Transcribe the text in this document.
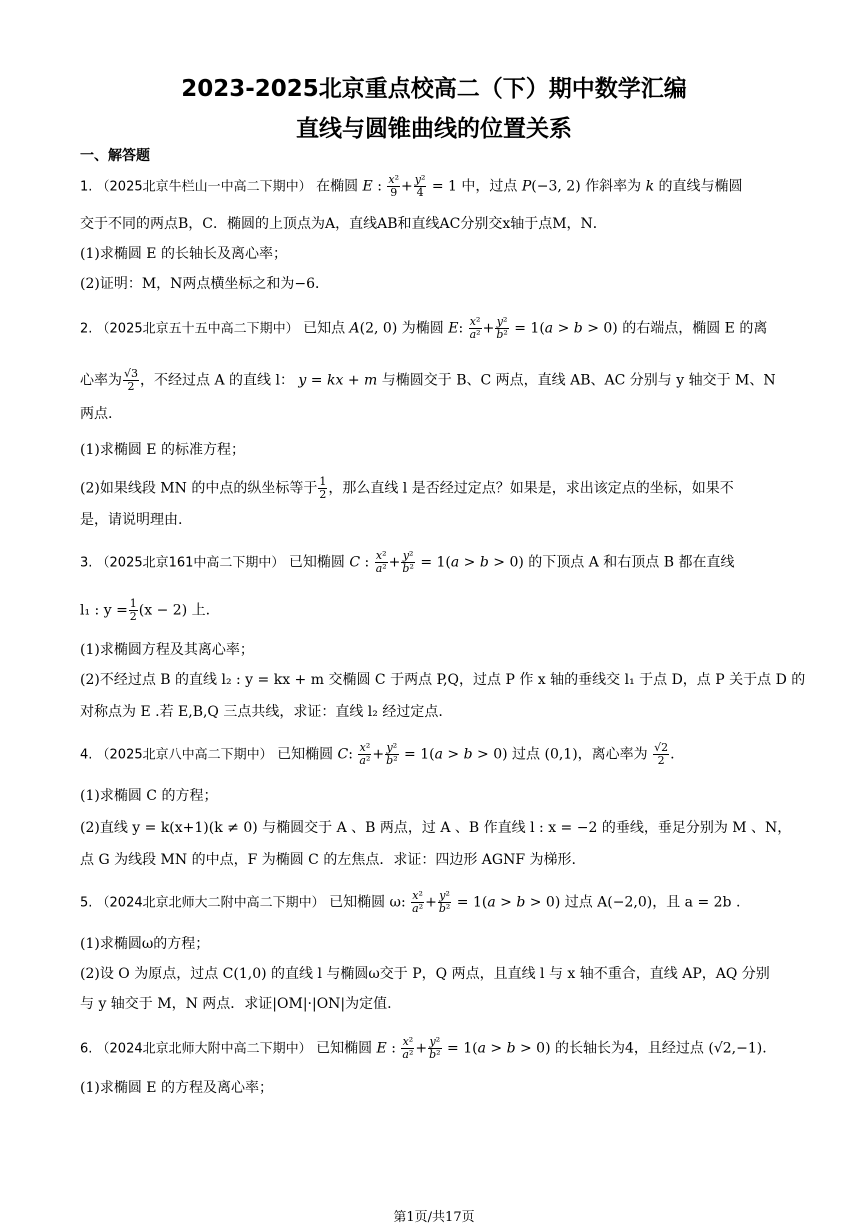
2023-2025北京重点校高二（下）期中数学汇编
直线与圆锥曲线的位置关系
一、解答题
1. （2025北京牛栏山一中高二下期中） 在椭圆 E : $\frac{\text{x²}}{9} + \frac{\text{y²}}{4} = 1$ 中，过点 P(−3, 2) 作斜率为 k 的直线与椭圆
交于不同的两点B，C．椭圆的上顶点为A，直线AB和直线AC分别交x轴于点M，N．
(1)求椭圆 E 的长轴长及离心率；
(2)证明：M，N两点横坐标之和为−6．
2. （2025北京五十五中高二下期中） 已知点 A(2, 0) 为椭圆 E: $\frac{\text{x²}}{\text{a²}} + \frac{\text{y²}}{\text{b²}} = 1(a > b > 0)$ 的右端点，椭圆 E 的离
心率为 $\frac{√3}{2}$ ，不经过点 A 的直线 l： y = kx + m 与椭圆交于 B、C 两点，直线 AB、AC 分别与 y 轴交于 M、N
两点.
(1)求椭圆 E 的标准方程；
(2)如果线段 MN 的中点的纵坐标等于 $\frac{1}{2}$ ，那么直线 l 是否经过定点？如果是，求出该定点的坐标，如果不
是，请说明理由.
3. （2025北京161中高二下期中） 已知椭圆 C : $\frac{\text{x²}}{\text{a²}} + \frac{\text{y²}}{\text{b²}} = 1(a > b > 0)$ 的下顶点 A 和右顶点 B 都在直线
l₁ : $y = \frac{1}{2} (x - 2)$ 上.
(1)求椭圆方程及其离心率；
(2)不经过点 B 的直线 l₂ : y = kx + m 交椭圆 C 于两点 P,Q，过点 P 作 x 轴的垂线交 l₁ 于点 D，点 P 关于点 D 的
对称点为 E .若 E,B,Q 三点共线，求证：直线 l₂ 经过定点.
4. （2025北京八中高二下期中） 已知椭圆 C: $\frac{\text{x²}}{\text{a²}} + \frac{\text{y²}}{\text{b²}} = 1(a > b > 0)$ 过点 (0,1)，离心率为 $\frac{√2}{2}$ .
(1)求椭圆 C 的方程；
(2)直线 y = k(x+1)(k ≠ 0) 与椭圆交于 A 、B 两点，过 A 、B 作直线 l : x = −2 的垂线，垂足分别为 M 、N，
点 G 为线段 MN 的中点，F 为椭圆 C 的左焦点．求证：四边形 AGNF 为梯形.
5. （2024北京北师大二附中高二下期中） 已知椭圆 ω: $\frac{\text{x²}}{\text{a²}} + \frac{\text{y²}}{\text{b²}} = 1(a > b > 0)$ 过点 A(−2,0)，且 a = 2b .
(1)求椭圆ω的方程；
(2)设 O 为原点，过点 C(1,0) 的直线 l 与椭圆ω交于 P，Q 两点，且直线 l 与 x 轴不重合，直线 AP，AQ 分别
与 y 轴交于 M，N 两点．求证|OM|·|ON|为定值.
6. （2024北京北师大附中高二下期中） 已知椭圆 E : $\frac{\text{x²}}{\text{a²}} + \frac{\text{y²}}{\text{b²}} = 1(a > b > 0)$ 的长轴长为4，且经过点 (√2,−1).
(1)求椭圆 E 的方程及离心率；
第1页/共17页
